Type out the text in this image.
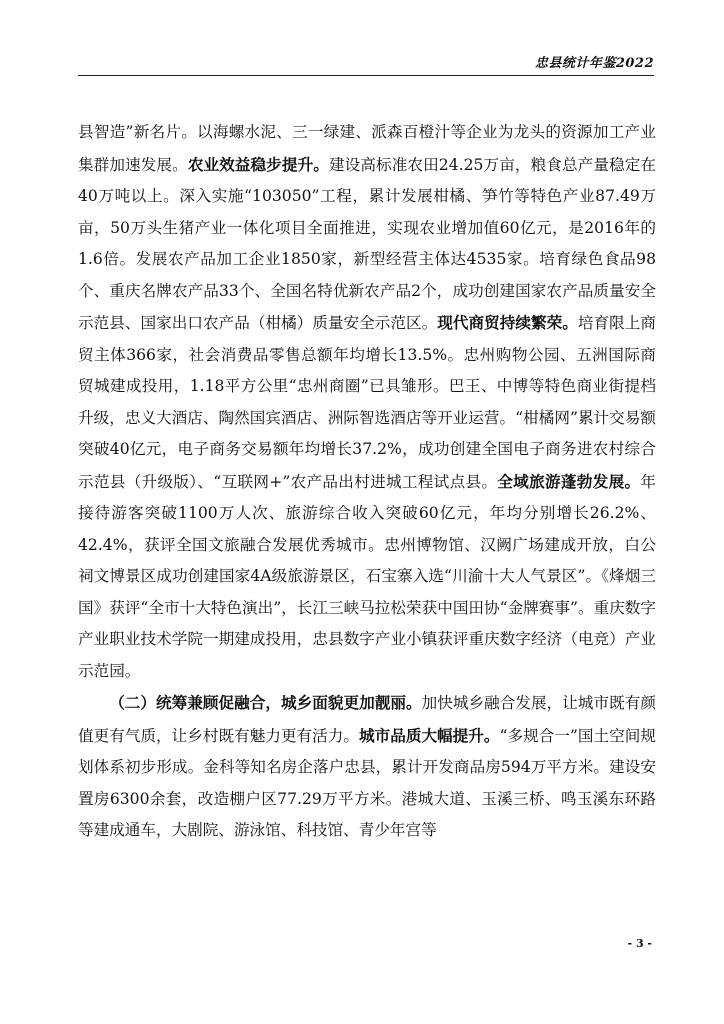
忠县统计年鉴2022

县智造”新名片。以海螺水泥、三一绿建、派森百橙汁等企业为龙头的资源加工产业集群加速发展。农业效益稳步提升。建设高标准农田24.25万亩，粮食总产量稳定在40万吨以上。深入实施“103050”工程，累计发展柑橘、笋竹等特色产业87.49万亩，50万头生猪产业一体化项目全面推进，实现农业增加值60亿元，是2016年的1.6倍。发展农产品加工企业1850家，新型经营主体达4535家。培育绿色食品98个、重庆名牌农产品33个、全国名特优新农产品2个，成功创建国家农产品质量安全示范县、国家出口农产品（柑橘）质量安全示范区。现代商贸持续繁荣。培育限上商贸主体366家，社会消费品零售总额年均增长13.5%。忠州购物公园、五洲国际商贸城建成投用，1.18平方公里“忠州商圈”已具雏形。巴王、中博等特色商业街提档升级，忠义大酒店、陶然国宾酒店、洲际智选酒店等开业运营。“柑橘网”累计交易额突破40亿元，电子商务交易额年均增长37.2%，成功创建全国电子商务进农村综合示范县（升级版）、“互联网+”农产品出村进城工程试点县。全域旅游蓬勃发展。年接待游客突破1100万人次、旅游综合收入突破60亿元，年均分别增长26.2%、42.4%，获评全国文旅融合发展优秀城市。忠州博物馆、汉阙广场建成开放，白公祠文博景区成功创建国家4A级旅游景区，石宝寨入选“川渝十大人气景区”。《烽烟三国》获评“全市十大特色演出”，长江三峡马拉松荣获中国田协“金牌赛事”。重庆数字产业职业技术学院一期建成投用，忠县数字产业小镇获评重庆数字经济（电竞）产业示范园。

（二）统筹兼顾促融合，城乡面貌更加靓丽。加快城乡融合发展，让城市既有颜值更有气质，让乡村既有魅力更有活力。城市品质大幅提升。“多规合一”国土空间规划体系初步形成。金科等知名房企落户忠县，累计开发商品房594万平方米。建设安置房6300余套，改造棚户区77.29万平方米。港城大道、玉溪三桥、鸣玉溪东环路等建成通车，大剧院、游泳馆、科技馆、青少年宫等

- 3 -
